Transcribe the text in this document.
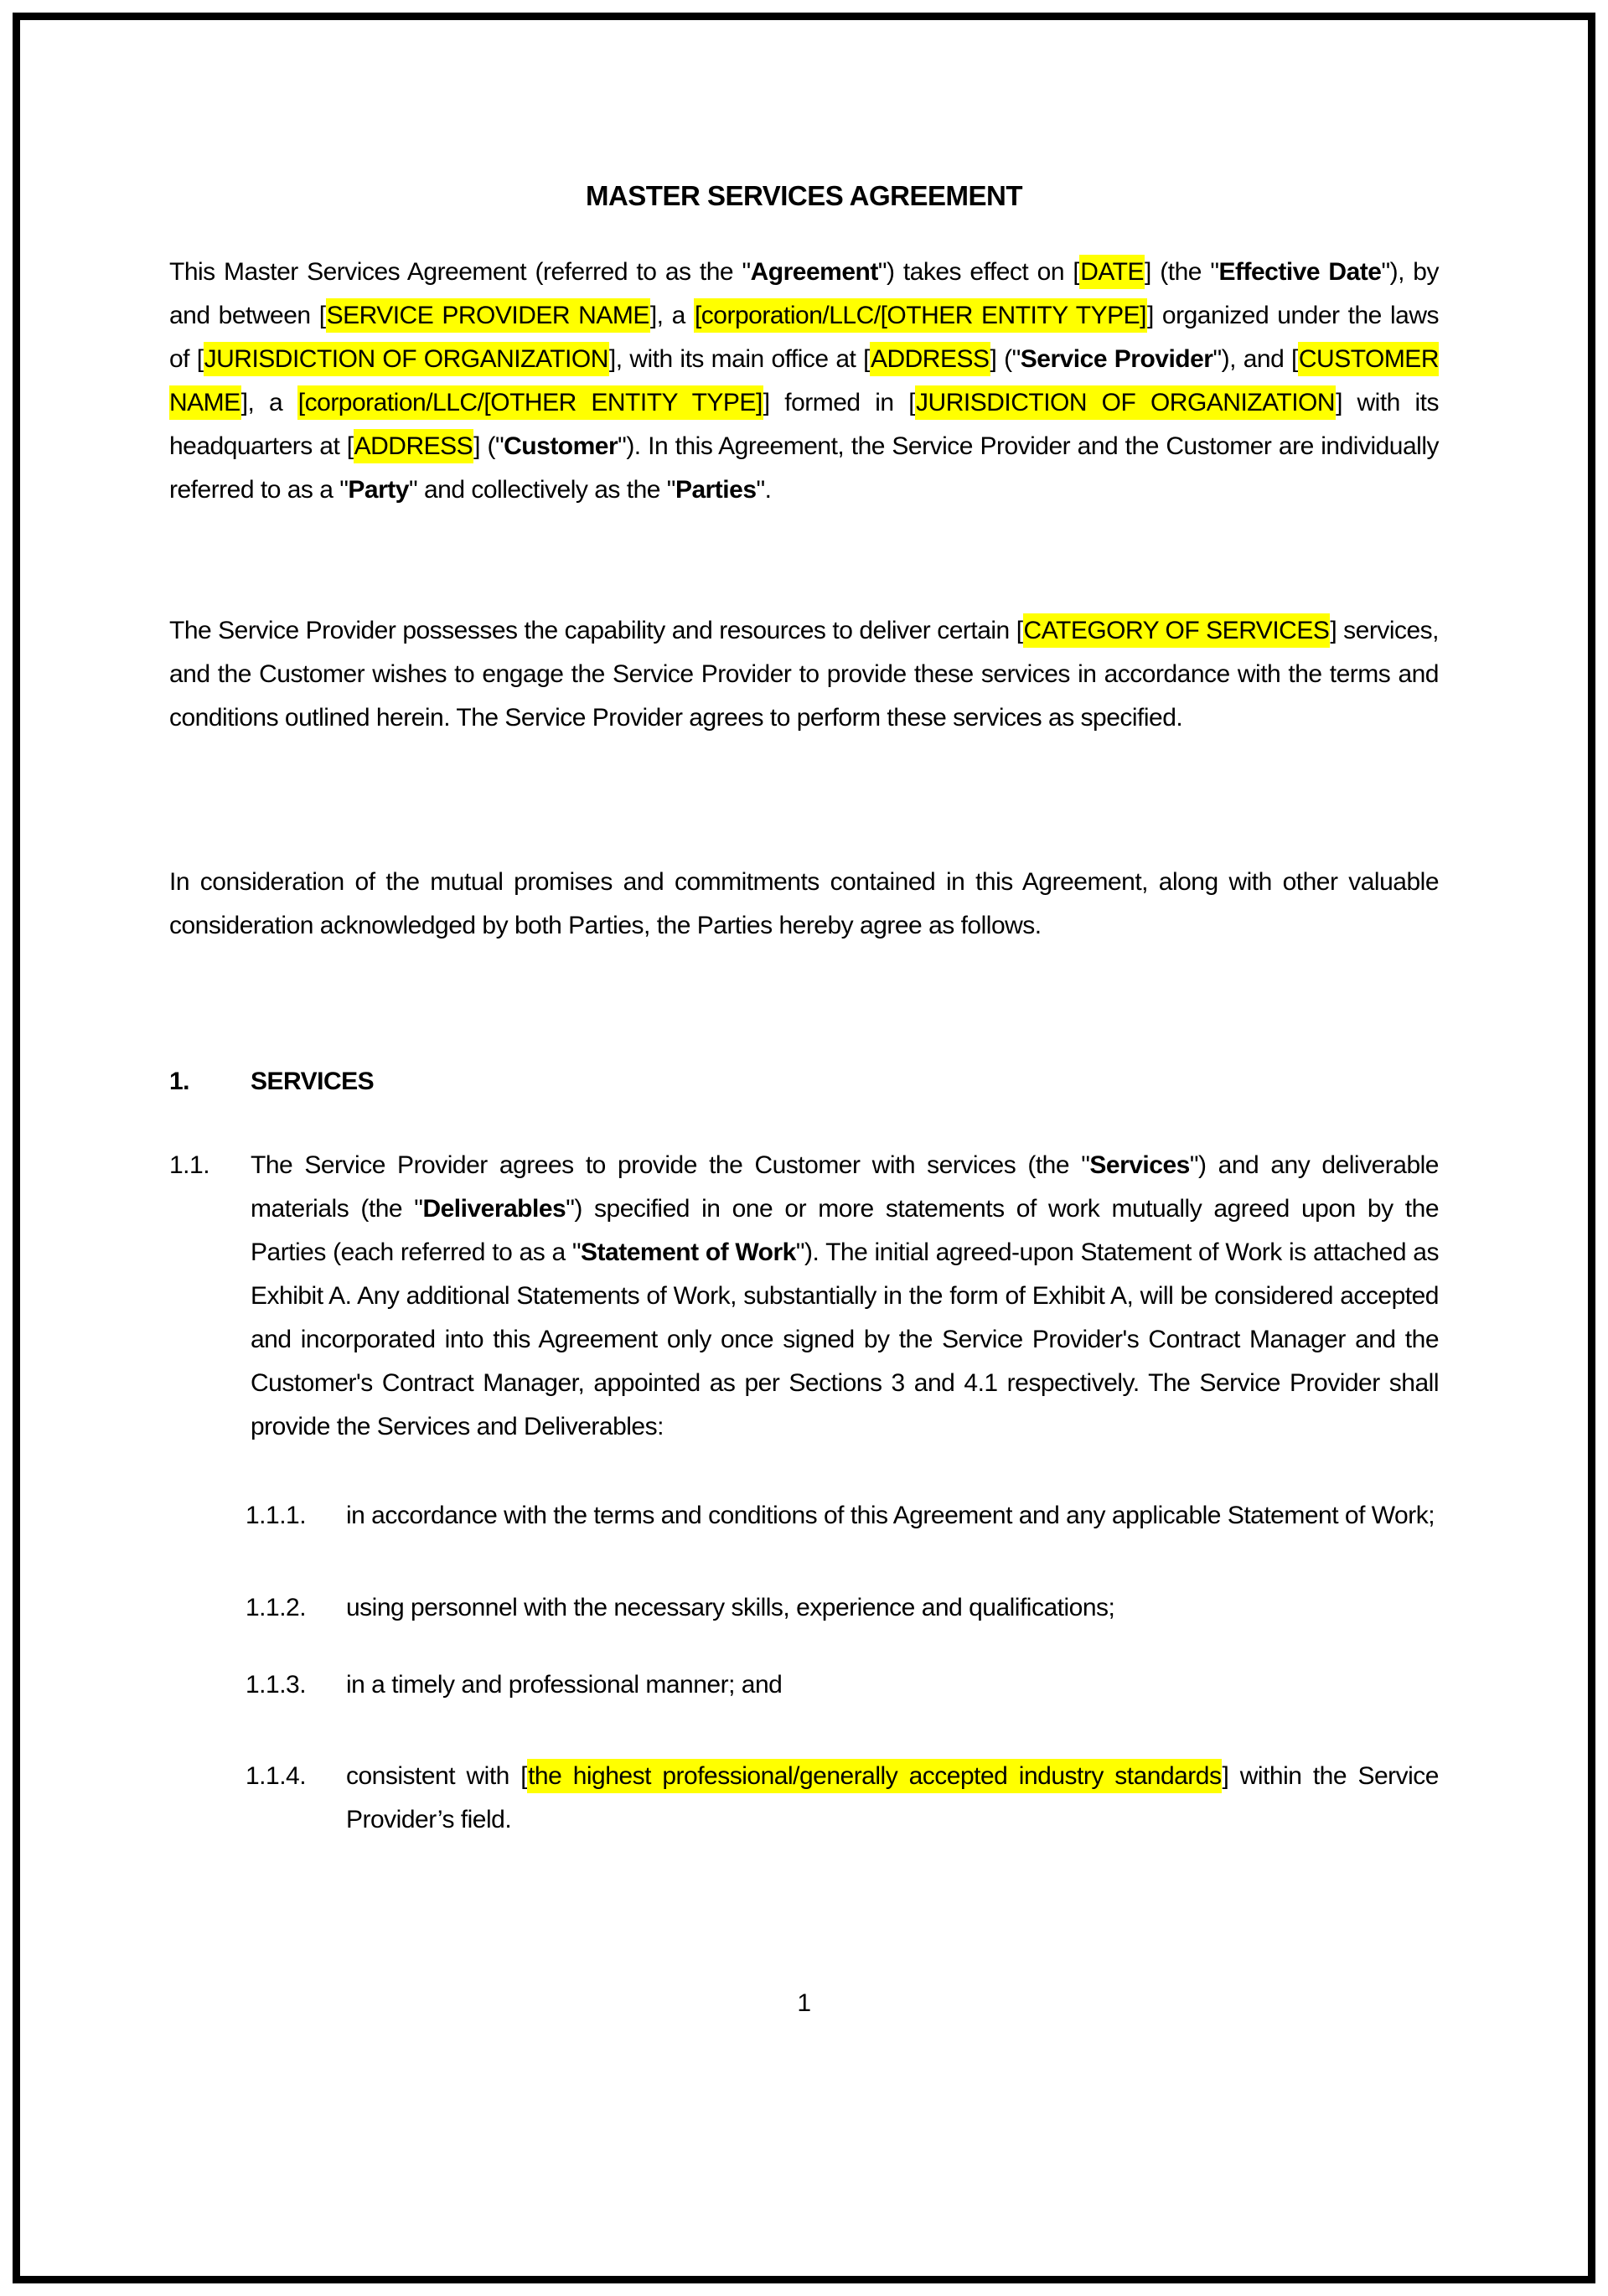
MASTER SERVICES AGREEMENT

This Master Services Agreement (referred to as the "Agreement") takes effect on [DATE] (the "Effective Date"), by and between [SERVICE PROVIDER NAME], a [corporation/LLC/[OTHER ENTITY TYPE]] organized under the laws of [JURISDICTION OF ORGANIZATION], with its main office at [ADDRESS] ("Service Provider"), and [CUSTOMER NAME], a [corporation/LLC/[OTHER ENTITY TYPE]] formed in [JURISDICTION OF ORGANIZATION] with its headquarters at [ADDRESS] ("Customer"). In this Agreement, the Service Provider and the Customer are individually referred to as a "Party" and collectively as the "Parties".

The Service Provider possesses the capability and resources to deliver certain [CATEGORY OF SERVICES] services, and the Customer wishes to engage the Service Provider to provide these services in accordance with the terms and conditions outlined herein. The Service Provider agrees to perform these services as specified.

In consideration of the mutual promises and commitments contained in this Agreement, along with other valuable consideration acknowledged by both Parties, the Parties hereby agree as follows.

1. SERVICES
1.1. The Service Provider agrees to provide the Customer with services (the "Services") and any deliverable materials (the "Deliverables") specified in one or more statements of work mutually agreed upon by the Parties (each referred to as a "Statement of Work"). The initial agreed-upon Statement of Work is attached as Exhibit A. Any additional Statements of Work, substantially in the form of Exhibit A, will be considered accepted and incorporated into this Agreement only once signed by the Service Provider's Contract Manager and the Customer's Contract Manager, appointed as per Sections 3 and 4.1 respectively. The Service Provider shall provide the Services and Deliverables:
1.1.1. in accordance with the terms and conditions of this Agreement and any applicable Statement of Work;
1.1.2. using personnel with the necessary skills, experience and qualifications;
1.1.3. in a timely and professional manner; and
1.1.4. consistent with [the highest professional/generally accepted industry standards] within the Service Provider’s field.
1
